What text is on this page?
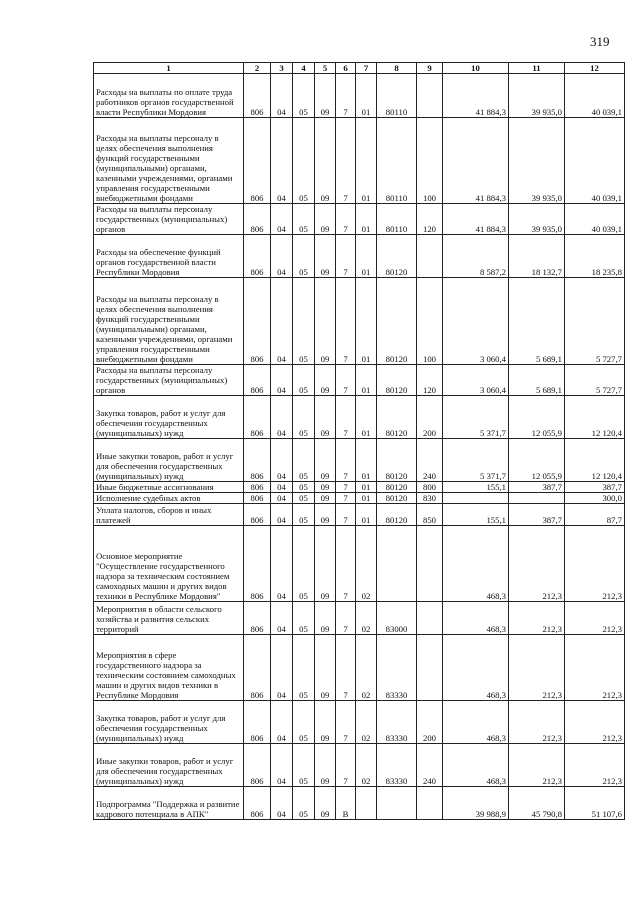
319
1	2	3	4	5	6	7	8	9	10	11	12
Расходы на выплаты по оплате труда работников органов государственной власти Республики Мордовия	806	04	05	09	7	01	80110		41 884,3	39 935,0	40 039,1
Расходы на выплаты персоналу в целях обеспечения выполнения функций государственными (муниципальными) органами, казенными учреждениями, органами управления государственными внебюджетными фондами	806	04	05	09	7	01	80110	100	41 884,3	39 935,0	40 039,1
Расходы на выплаты персоналу государственных (муниципальных) органов	806	04	05	09	7	01	80110	120	41 884,3	39 935,0	40 039,1
Расходы на обеспечение функций органов государственной власти Республики Мордовия	806	04	05	09	7	01	80120		8 587,2	18 132,7	18 235,8
Расходы на выплаты персоналу в целях обеспечения выполнения функций государственными (муниципальными) органами, казенными учреждениями, органами управления государственными внебюджетными фондами	806	04	05	09	7	01	80120	100	3 060,4	5 689,1	5 727,7
Расходы на выплаты персоналу государственных (муниципальных) органов	806	04	05	09	7	01	80120	120	3 060,4	5 689,1	5 727,7
Закупка товаров, работ и услуг для обеспечения государственных (муниципальных) нужд	806	04	05	09	7	01	80120	200	5 371,7	12 055,9	12 120,4
Иные закупки товаров, работ и услуг для обеспечения государственных (муниципальных) нужд	806	04	05	09	7	01	80120	240	5 371,7	12 055,9	12 120,4
Иные бюджетные ассигнования	806	04	05	09	7	01	80120	800	155,1	387,7	387,7
Исполнение судебных актов	806	04	05	09	7	01	80120	830			300,0
Уплата налогов, сборов и иных платежей	806	04	05	09	7	01	80120	850	155,1	387,7	87,7
Основное мероприятие "Осуществление государственного надзора за техническим состоянием самоходных машин и других видов техники в Республике Мордовия"	806	04	05	09	7	02			468,3	212,3	212,3
Мероприятия в области сельского хозяйства и развития сельских территорий	806	04	05	09	7	02	83000		468,3	212,3	212,3
Мероприятия в сфере государственного надзора за техническим состоянием самоходных машин и других видов техники в Республике Мордовия	806	04	05	09	7	02	83330		468,3	212,3	212,3
Закупка товаров, работ и услуг для обеспечения государственных (муниципальных) нужд	806	04	05	09	7	02	83330	200	468,3	212,3	212,3
Иные закупки товаров, работ и услуг для обеспечения государственных (муниципальных) нужд	806	04	05	09	7	02	83330	240	468,3	212,3	212,3
Подпрограмма "Поддержка и развитие кадрового потенциала в АПК"	806	04	05	09	В				39 988,9	45 790,8	51 107,6
